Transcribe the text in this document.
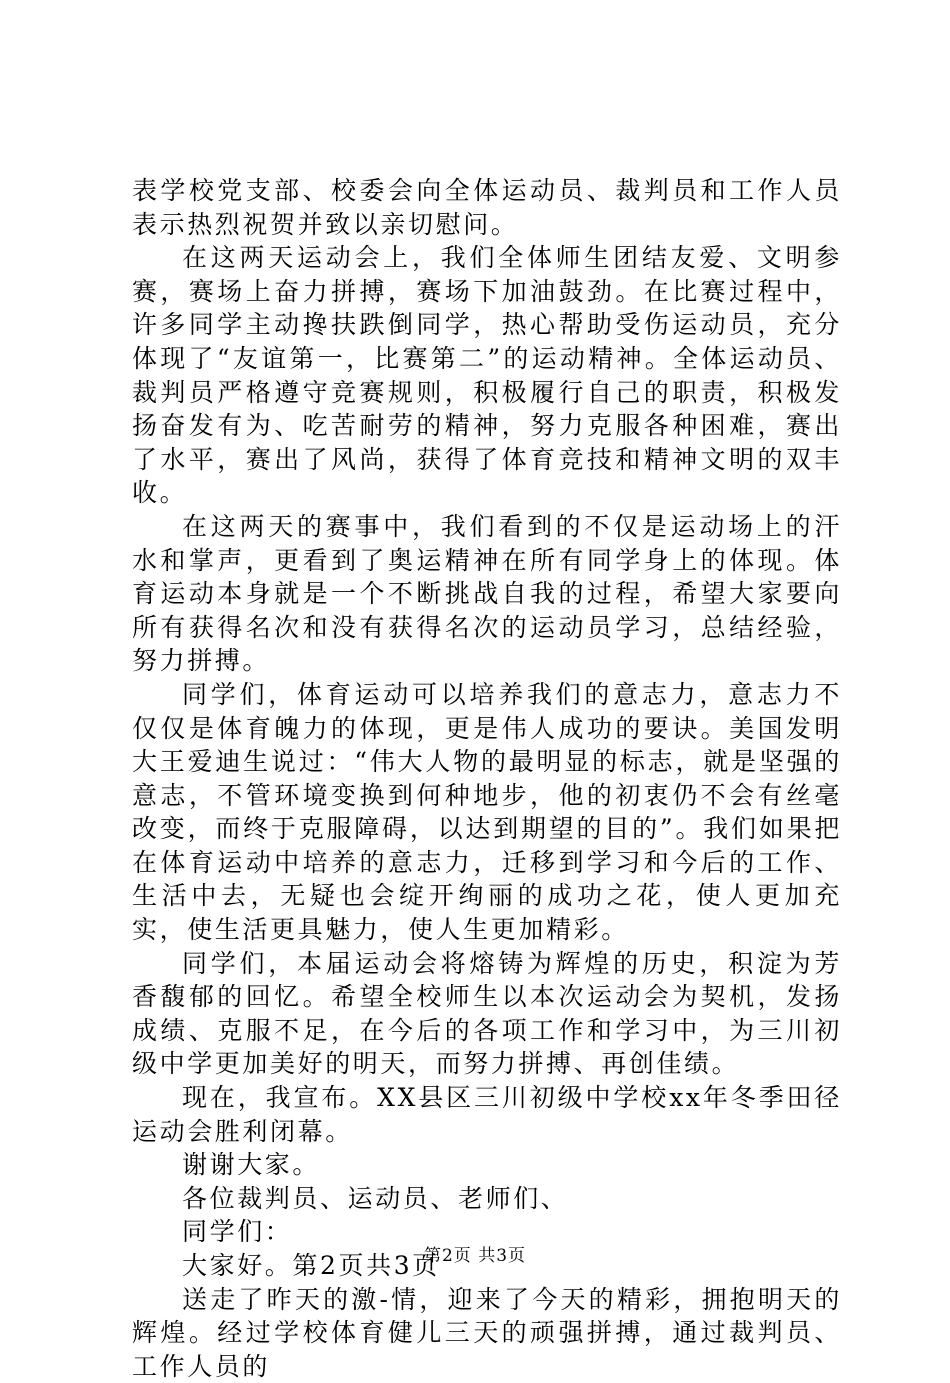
表学校党支部、校委会向全体运动员、裁判员和工作人员表示热烈祝贺并致以亲切慰问。

在这两天运动会上，我们全体师生团结友爱、文明参赛，赛场上奋力拼搏，赛场下加油鼓劲。在比赛过程中，许多同学主动搀扶跌倒同学，热心帮助受伤运动员，充分体现了“友谊第一，比赛第二”的运动精神。全体运动员、裁判员严格遵守竞赛规则，积极履行自己的职责，积极发扬奋发有为、吃苦耐劳的精神，努力克服各种困难，赛出了水平，赛出了风尚，获得了体育竞技和精神文明的双丰收。

在这两天的赛事中，我们看到的不仅是运动场上的汗水和掌声，更看到了奥运精神在所有同学身上的体现。体育运动本身就是一个不断挑战自我的过程，希望大家要向所有获得名次和没有获得名次的运动员学习，总结经验，努力拼搏。

同学们，体育运动可以培养我们的意志力，意志力不仅仅是体育魄力的体现，更是伟人成功的要诀。美国发明大王爱迪生说过：“伟大人物的最明显的标志，就是坚强的意志，不管环境变换到何种地步，他的初衷仍不会有丝毫改变，而终于克服障碍，以达到期望的目的”。我们如果把在体育运动中培养的意志力，迁移到学习和今后的工作、生活中去，无疑也会绽开绚丽的成功之花，使人更加充实，使生活更具魅力，使人生更加精彩。

同学们，本届运动会将熔铸为辉煌的历史，积淀为芳香馥郁的回忆。希望全校师生以本次运动会为契机，发扬成绩、克服不足，在今后的各项工作和学习中，为三川初级中学更加美好的明天，而努力拼搏、再创佳绩。

现在，我宣布。XX县区三川初级中学校xx年冬季田径运动会胜利闭幕。

谢谢大家。

各位裁判员、运动员、老师们、

同学们：

大家好。第2页共3页

送走了昨天的激-情，迎来了今天的精彩，拥抱明天的辉煌。经过学校体育健儿三天的顽强拼搏，通过裁判员、工作人员的

第2页 共3页
